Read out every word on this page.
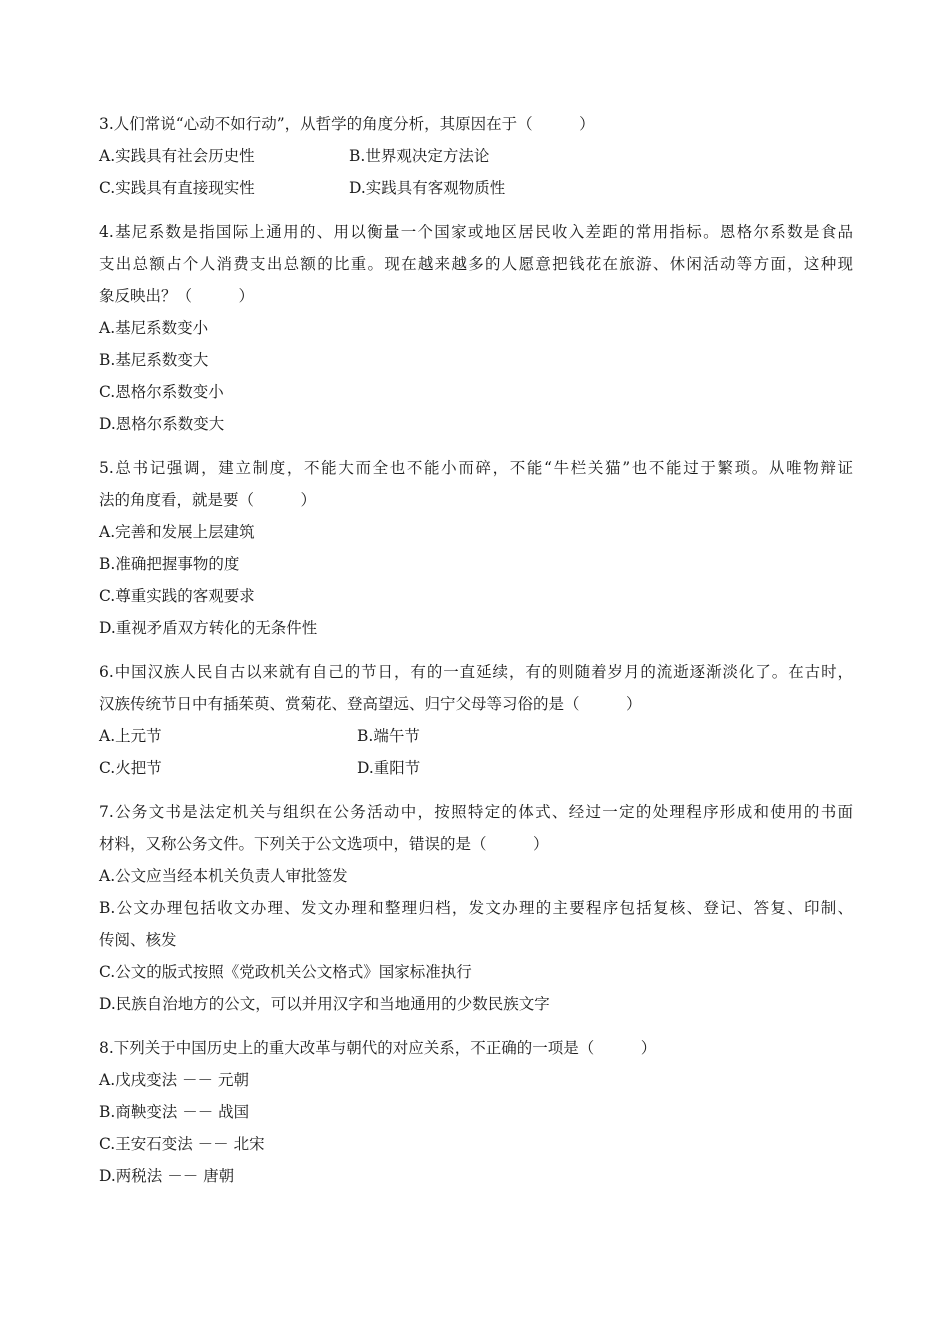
3.人们常说“心动不如行动”，从哲学的角度分析，其原因在于（　　　）
A.实践具有社会历史性	B.世界观决定方法论
C.实践具有直接现实性	D.实践具有客观物质性
4.基尼系数是指国际上通用的、用以衡量一个国家或地区居民收入差距的常用指标。恩格尔系数是食品
支出总额占个人消费支出总额的比重。现在越来越多的人愿意把钱花在旅游、休闲活动等方面，这种现
象反映出？（　　　）
A.基尼系数变小
B.基尼系数变大
C.恩格尔系数变小
D.恩格尔系数变大
5.总书记强调，建立制度，不能大而全也不能小而碎，不能“牛栏关猫”也不能过于繁琐。从唯物辩证
法的角度看，就是要（　　　）
A.完善和发展上层建筑
B.准确把握事物的度
C.尊重实践的客观要求
D.重视矛盾双方转化的无条件性
6.中国汉族人民自古以来就有自己的节日，有的一直延续，有的则随着岁月的流逝逐渐淡化了。在古时，
汉族传统节日中有插茱萸、赏菊花、登高望远、归宁父母等习俗的是（　　　）
A.上元节	B.端午节
C.火把节	D.重阳节
7.公务文书是法定机关与组织在公务活动中，按照特定的体式、经过一定的处理程序形成和使用的书面
材料，又称公务文件。下列关于公文选项中，错误的是（　　　）
A.公文应当经本机关负责人审批签发
B.公文办理包括收文办理、发文办理和整理归档，发文办理的主要程序包括复核、登记、答复、印制、
传阅、核发
C.公文的版式按照《党政机关公文格式》国家标准执行
D.民族自治地方的公文，可以并用汉字和当地通用的少数民族文字
8.下列关于中国历史上的重大改革与朝代的对应关系，不正确的一项是（　　　）
A.戊戌变法 －－ 元朝
B.商鞅变法 －－ 战国
C.王安石变法 －－ 北宋
D.两税法 －－ 唐朝
